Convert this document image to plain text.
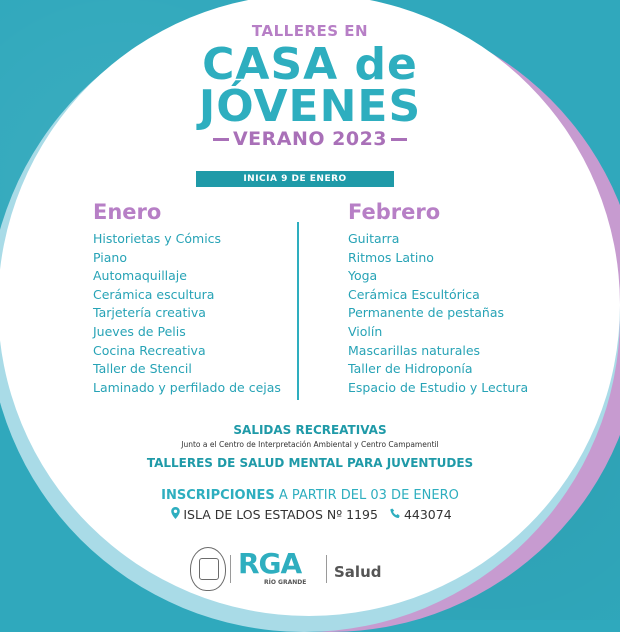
TALLERES EN
CASA de
JÓVENES
VERANO 2023
INICIA 9 DE ENERO
Enero
Historietas y Cómics
Piano
Automaquillaje
Cerámica escultura
Tarjetería creativa
Jueves de Pelis
Cocina Recreativa
Taller de Stencil
Laminado y perfilado de cejas
Febrero
Guitarra
Ritmos Latino
Yoga
Cerámica Escultórica
Permanente de pestañas
Violín
Mascarillas naturales
Taller de Hidroponía
Espacio de Estudio y Lectura
SALIDAS RECREATIVAS
Junto a el Centro de Interpretación Ambiental y Centro Campamentil
TALLERES DE SALUD MENTAL PARA JUVENTUDES
INSCRIPCIONES A PARTIR DEL 03 DE ENERO
ISLA DE LOS ESTADOS Nº 1195 443074
RGA
RÍO GRANDE
Salud
